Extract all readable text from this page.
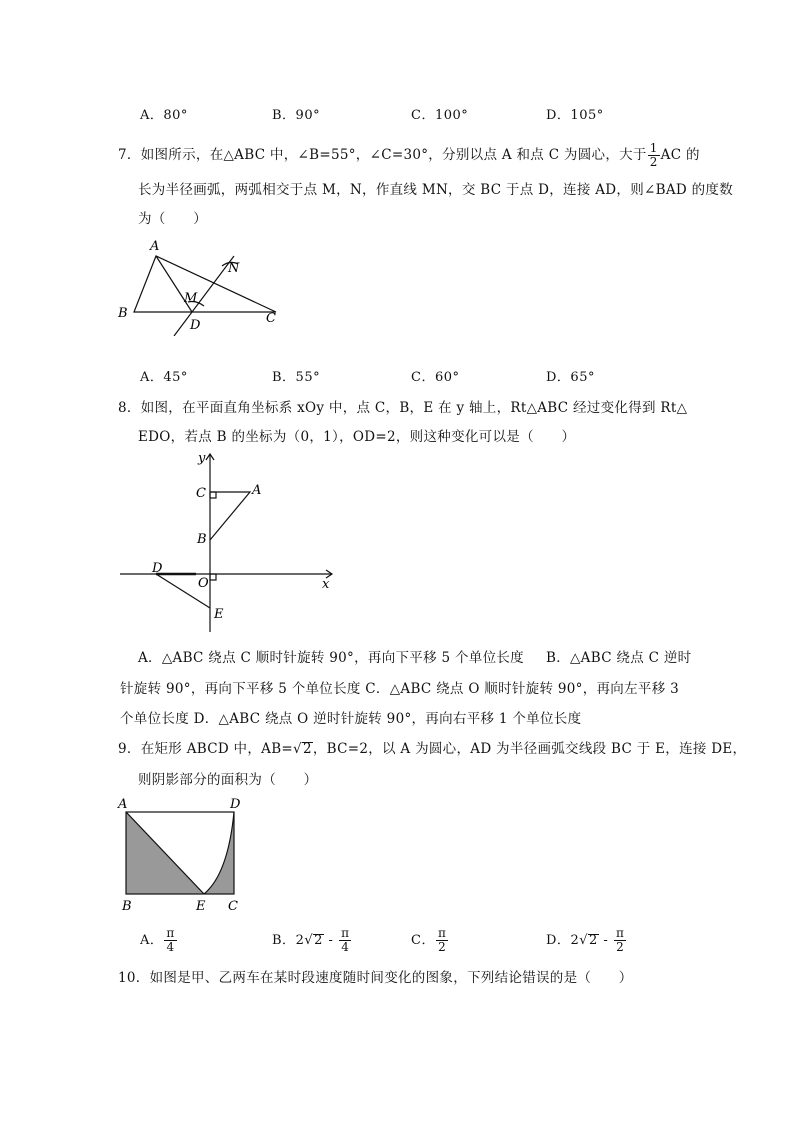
A．80°	B．90°	C．100°	D．105°
7．如图所示，在△ABC 中，∠B=55°，∠C=30°，分别以点 A 和点 C 为圆心，大于 $\frac{1}{2}$ AC 的
长为半径画弧，两弧相交于点 M，N，作直线 MN，交 BC 于点 D，连接 AD，则∠BAD 的度数
为（　　）
A
B	C
D
M
N
A．45°	B．55°	C．60°	D．65°
8．如图，在平面直角坐标系 xOy 中，点 C，B，E 在 y 轴上，Rt△ABC 经过变化得到 Rt△
EDO，若点 B 的坐标为（0，1），OD=2，则这种变化可以是（　　）
y
x
C	A
B
D
O
E
A．△ABC 绕点 C 顺时针旋转 90°，再向下平移 5 个单位长度 B．△ABC 绕点 C 逆时
针旋转 90°，再向下平移 5 个单位长度 C．△ABC 绕点 O 顺时针旋转 90°，再向左平移 3
个单位长度 D．△ABC 绕点 O 逆时针旋转 90°，再向右平移 1 个单位长度
9．在矩形 ABCD 中，AB=√2，BC=2，以 A 为圆心，AD 为半径画弧交线段 BC 于 E，连接 DE，
则阴影部分的面积为（　　）
A	D
B	E C
A． $\frac{\pi}{4}$	B．$2√2 - \frac{\pi}{4}$	C． $\frac{\pi}{2}$	D．$2√2 - \frac{\pi}{2}$
10．如图是甲、乙两车在某时段速度随时间变化的图象，下列结论错误的是（　　）
